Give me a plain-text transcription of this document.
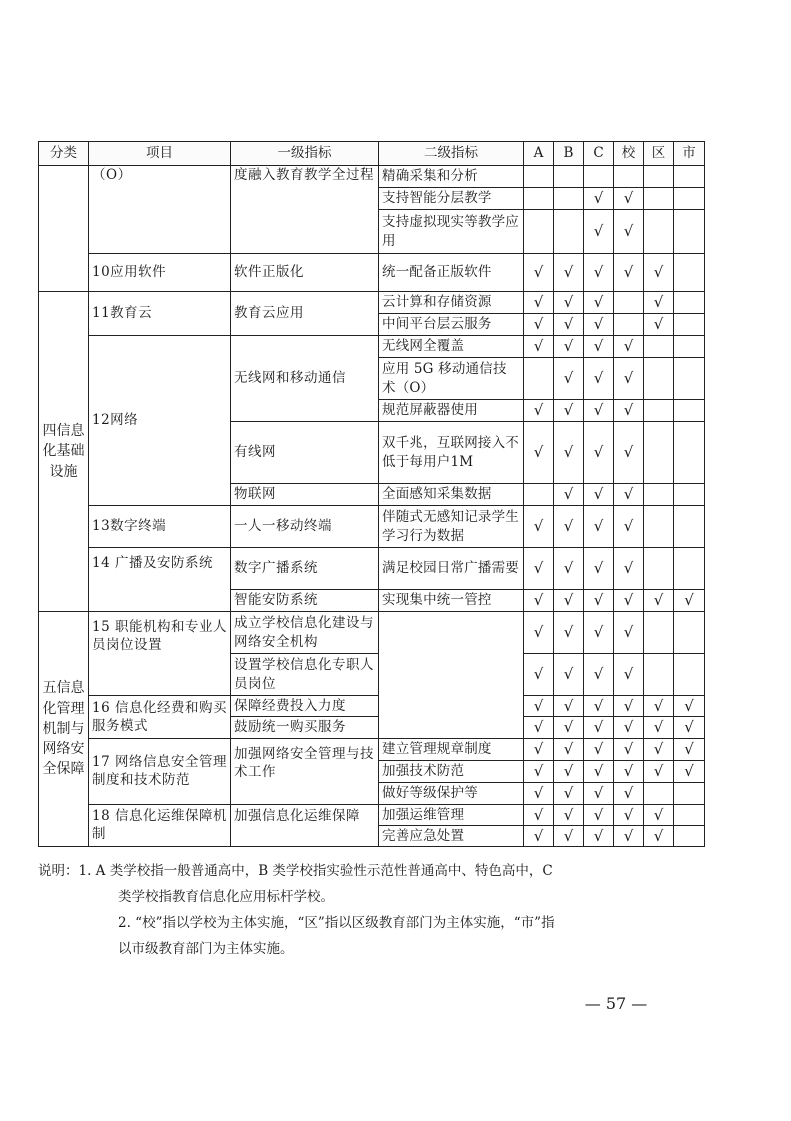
分类	项目	一级指标	二级指标	A	B	C	校	区	市
	（O）	度融入教育教学全过程	精确采集和分析						
			支持智能分层教学			√	√		
			支持虚拟现实等教学应用			√	√		
	10应用软件	软件正版化	统一配备正版软件	√	√	√	√	√	
四信息化基础设施	11教育云	教育云应用	云计算和存储资源	√	√	√		√	
			中间平台层云服务	√	√	√		√	
	12网络	无线网和移动通信	无线网全覆盖	√	√	√	√		
			应用 5G 移动通信技术（O）		√	√	√		
			规范屏蔽器使用	√	√	√	√		
		有线网	双千兆，互联网接入不低于每用户1M	√	√	√	√		
		物联网	全面感知采集数据		√	√	√		
	13数字终端	一人一移动终端	伴随式无感知记录学生学习行为数据	√	√	√	√		
	14 广播及安防系统	数字广播系统	满足校园日常广播需要	√	√	√	√		
		智能安防系统	实现集中统一管控	√	√	√	√	√	√
五信息化管理机制与网络安全保障	15 职能机构和专业人员岗位设置	成立学校信息化建设与网络安全机构		√	√	√	√		
		设置学校信息化专职人员岗位		√	√	√	√		
	16 信息化经费和购买服务模式	保障经费投入力度		√	√	√	√	√	√
		鼓励统一购买服务		√	√	√	√	√	√
	17 网络信息安全管理制度和技术防范	加强网络安全管理与技术工作	建立管理规章制度	√	√	√	√	√	√
			加强技术防范	√	√	√	√	√	√
			做好等级保护等	√	√	√	√		
	18 信息化运维保障机制	加强信息化运维保障	加强运维管理	√	√	√	√	√	
			完善应急处置	√	√	√	√	√	
说明：1. A 类学校指一般普通高中，B 类学校指实验性示范性普通高中、特色高中，C
类学校指教育信息化应用标杆学校。
2. “校”指以学校为主体实施，“区”指以区级教育部门为主体实施，“市”指
以市级教育部门为主体实施。
— 57 —
